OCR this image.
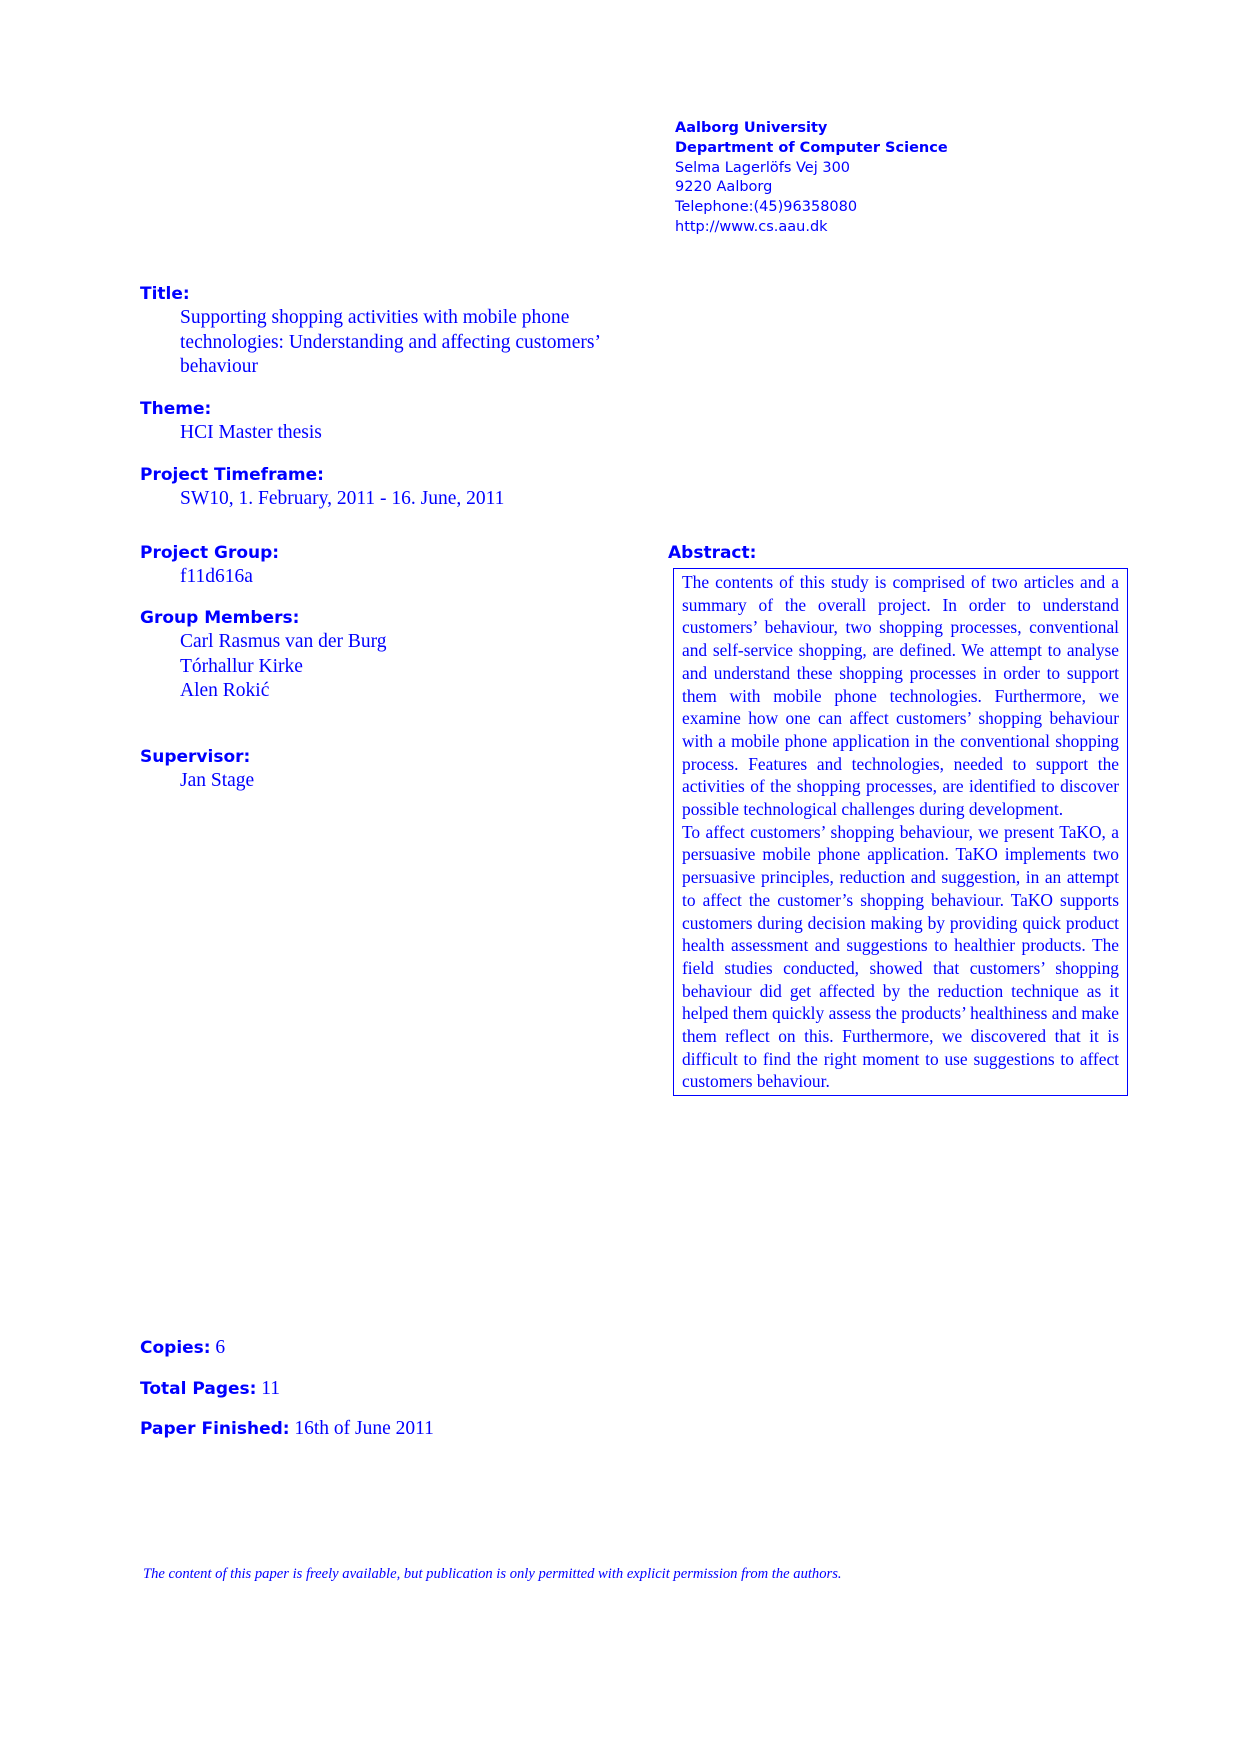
Aalborg University
Department of Computer Science
Selma Lagerlöfs Vej 300
9220 Aalborg
Telephone:(45)96358080
http://www.cs.aau.dk
Title:
Supporting shopping activities with mobile phone technologies: Understanding and affecting customers’ behaviour
Theme:
HCI Master thesis
Project Timeframe:
SW10, 1. February, 2011 - 16. June, 2011
Project Group:
f11d616a
Group Members:
Carl Rasmus van der Burg
Tórhallur Kirke
Alen Rokić
Supervisor:
Jan Stage
Abstract:

The contents of this study is comprised of two articles and a summary of the overall project. In order to understand customers’ behaviour, two shopping processes, conventional and self-service shopping, are defined. We attempt to analyse and understand these shopping processes in order to support them with mobile phone technologies. Furthermore, we examine how one can affect customers’ shopping behaviour with a mobile phone application in the conventional shopping process. Features and technologies, needed to support the activities of the shopping processes, are identified to discover possible technological challenges during development.

To affect customers’ shopping behaviour, we present TaKO, a persuasive mobile phone application. TaKO implements two persuasive principles, reduction and suggestion, in an attempt to affect the customer’s shopping behaviour. TaKO supports customers during decision making by providing quick product health assessment and suggestions to healthier products. The field studies conducted, showed that customers’ shopping behaviour did get affected by the reduction technique as it helped them quickly assess the products’ healthiness and make them reflect on this. Furthermore, we discovered that it is difficult to find the right moment to use suggestions to affect customers behaviour.

Copies: 6
Total Pages: 11
Paper Finished: 16th of June 2011
The content of this paper is freely available, but publication is only permitted with explicit permission from the authors.
